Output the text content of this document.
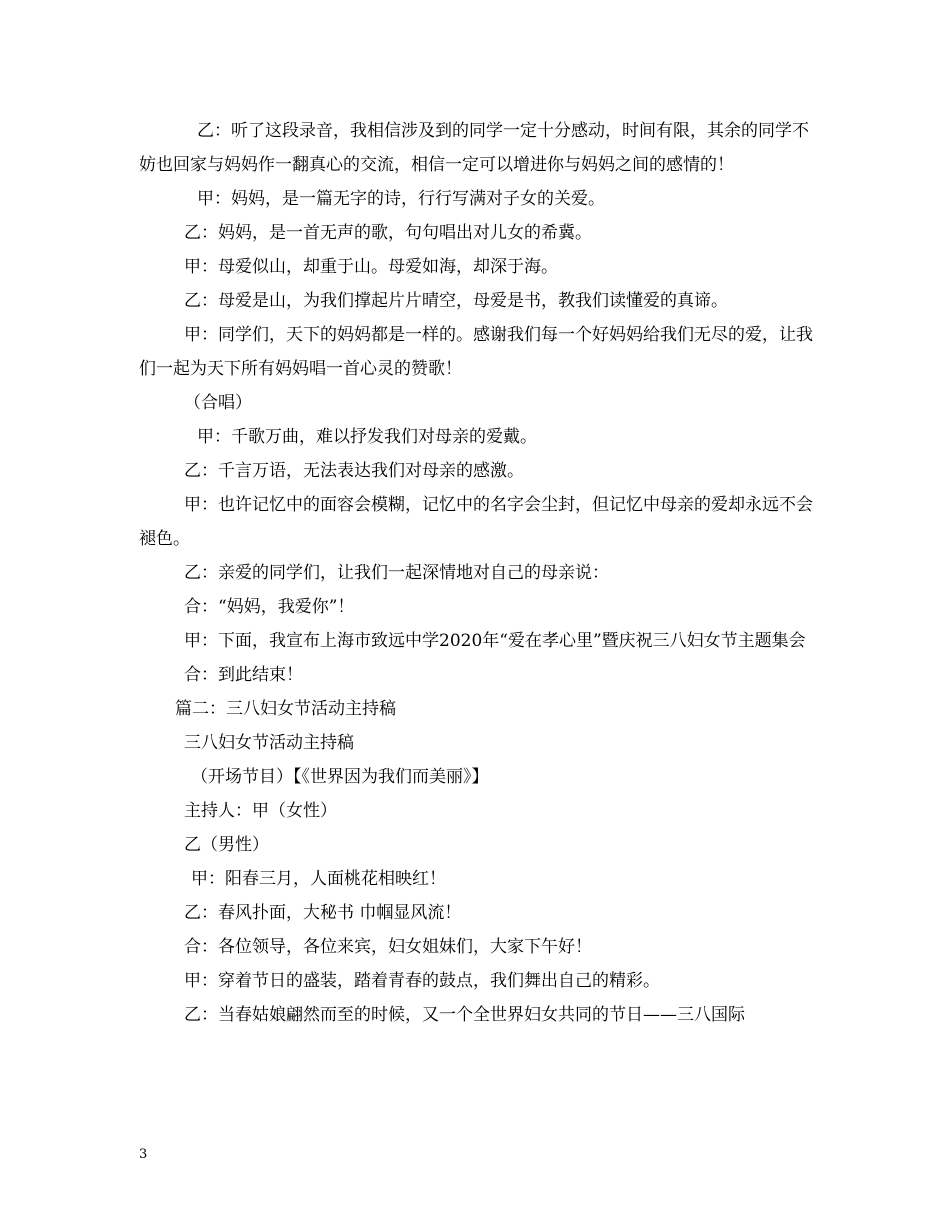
乙：听了这段录音，我相信涉及到的同学一定十分感动，时间有限，其余的同学不妨也回家与妈妈作一翻真心的交流，相信一定可以增进你与妈妈之间的感情的！

甲：妈妈，是一篇无字的诗，行行写满对子女的关爱。

乙：妈妈，是一首无声的歌，句句唱出对儿女的希冀。

甲：母爱似山，却重于山。母爱如海，却深于海。

乙：母爱是山，为我们撑起片片晴空，母爱是书，教我们读懂爱的真谛。

甲：同学们，天下的妈妈都是一样的。感谢我们每一个好妈妈给我们无尽的爱，让我们一起为天下所有妈妈唱一首心灵的赞歌！

（合唱）

甲：千歌万曲，难以抒发我们对母亲的爱戴。

乙：千言万语，无法表达我们对母亲的感激。

甲：也许记忆中的面容会模糊，记忆中的名字会尘封，但记忆中母亲的爱却永远不会褪色。

乙：亲爱的同学们，让我们一起深情地对自己的母亲说：

合：“妈妈，我爱你”！

甲：下面，我宣布上海市致远中学2020年“爱在孝心里”暨庆祝三八妇女节主题集会

合：到此结束！

篇二：三八妇女节活动主持稿

三八妇女节活动主持稿

（开场节目）【《世界因为我们而美丽》】

主持人：甲（女性）

乙（男性）

甲：阳春三月，人面桃花相映红！

乙：春风扑面，大秘书 巾帼显风流！

合：各位领导，各位来宾，妇女姐妹们，大家下午好！

甲：穿着节日的盛装，踏着青春的鼓点，我们舞出自己的精彩。

乙：当春姑娘翩然而至的时候，又一个全世界妇女共同的节日——三八国际

3
